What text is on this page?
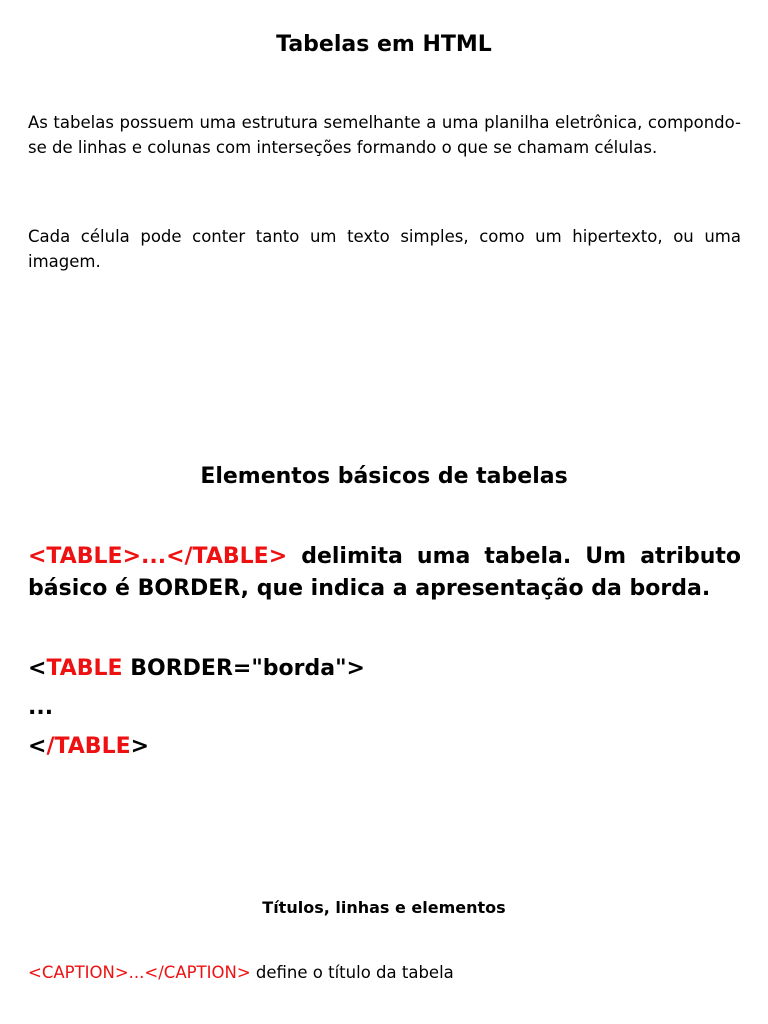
Tabelas em HTML
As tabelas possuem uma estrutura semelhante a uma planilha eletrônica, compondo-se de linhas e colunas com interseções formando o que se chamam células.
Cada célula pode conter tanto um texto simples, como um hipertexto, ou uma imagem.
Elementos básicos de tabelas
<TABLE>...</TABLE> delimita uma tabela. Um atributo básico é BORDER, que indica a apresentação da borda.
<TABLE BORDER="borda">
...
</TABLE>
Títulos, linhas e elementos
<CAPTION>...</CAPTION> define o título da tabela
